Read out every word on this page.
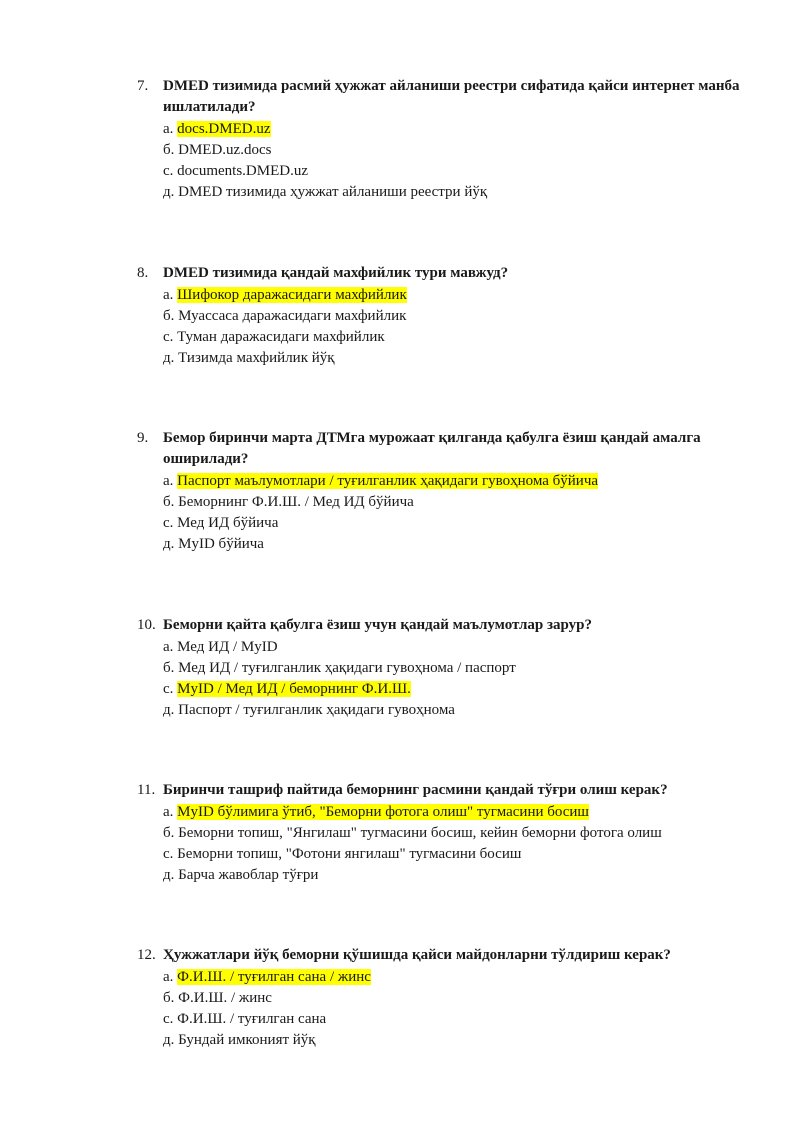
7. DMED тизимида расмий ҳужжат айланиши реестри сифатида қайси интернет манба ишлатилади?
а. docs.DMED.uz
б. DMED.uz.docs
с. documents.DMED.uz
д. DMED тизимида ҳужжат айланиши реестри йўқ
8. DMED тизимида қандай махфийлик тури мавжуд?
а. Шифокор даражасидаги махфийлик
б. Муассаса даражасидаги махфийлик
с. Туман даражасидаги махфийлик
д. Тизимда махфийлик йўқ
9. Бемор биринчи марта ДТМга мурожаат қилганда қабулга ёзиш қандай амалга оширилади?
а. Паспорт маълумотлари / туғилганлик ҳақидаги гувоҳнома бўйича
б. Беморнинг Ф.И.Ш. / Мед ИД бўйича
с. Мед ИД бўйича
д. MyID бўйича
10. Беморни қайта қабулга ёзиш учун қандай маълумотлар зарур?
а. Мед ИД / MyID
б. Мед ИД / туғилганлик ҳақидаги гувоҳнома / паспорт
с. MyID / Мед ИД / беморнинг Ф.И.Ш.
д. Паспорт / туғилганлик ҳақидаги гувоҳнома
11. Биринчи ташриф пайтида беморнинг расмини қандай тўғри олиш керак?
а. MyID бўлимига ўтиб, "Беморни фотога олиш" тугмасини босиш
б. Беморни топиш, "Янгилаш" тугмасини босиш, кейин беморни фотога олиш
с. Беморни топиш, "Фотони янгилаш" тугмасини босиш
д. Барча жавоблар тўғри
12. Ҳужжатлари йўқ беморни қўшишда қайси майдонларни тўлдириш керак?
а. Ф.И.Ш. / туғилган сана / жинс
б. Ф.И.Ш. / жинс
с. Ф.И.Ш. / туғилган сана
д. Бундай имконият йўқ
